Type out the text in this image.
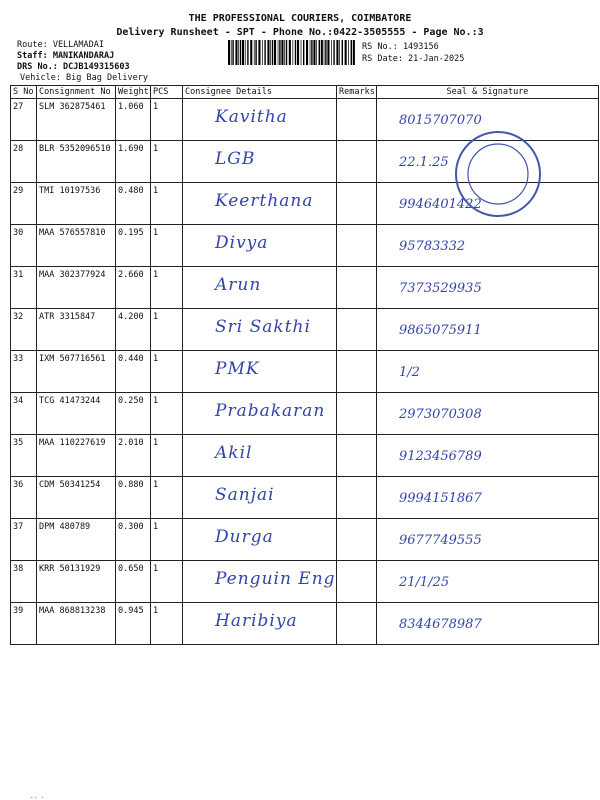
THE PROFESSIONAL COURIERS, COIMBATORE
Delivery Runsheet - SPT - Phone No.:0422-3505555 - Page No.:3
Route: VELLAMADAI
Staff: MANIKANDARAJ
DRS No.: DCJB149315603
Vehicle: Big Bag Delivery
RS No.: 1493156
RS Date: 21-Jan-2025
S No	Consignment No	Weight	PCS	Consignee Details	Remarks	Seal & Signature
27	SLM 362875461	1.060	1	Kavitha		8015707070

28	BLR 5352096510	1.690	1	LGB		22.1.25

29	TMI 10197536	0.480	1	Keerthana		9946401422

30	MAA 576557810	0.195	1	Divya		95783332

31	MAA 302377924	2.660	1	Arun		7373529935

32	ATR 3315847	4.200	1	Sri Sakthi		9865075911

33	IXM 507716561	0.440	1	PMK		1/2

34	TCG 41473244	0.250	1	Prabakaran		2973070308

35	MAA 110227619	2.010	1	Akil		9123456789

36	CDM 50341254	0.880	1	Sanjai		9994151867

37	DPM 480789	0.300	1	Durga		9677749555

38	KRR 50131929	0.650	1	Penguin Eng		21/1/25

39	MAA 868813238	0.945	1	Haribiya		8344678987
.. .
